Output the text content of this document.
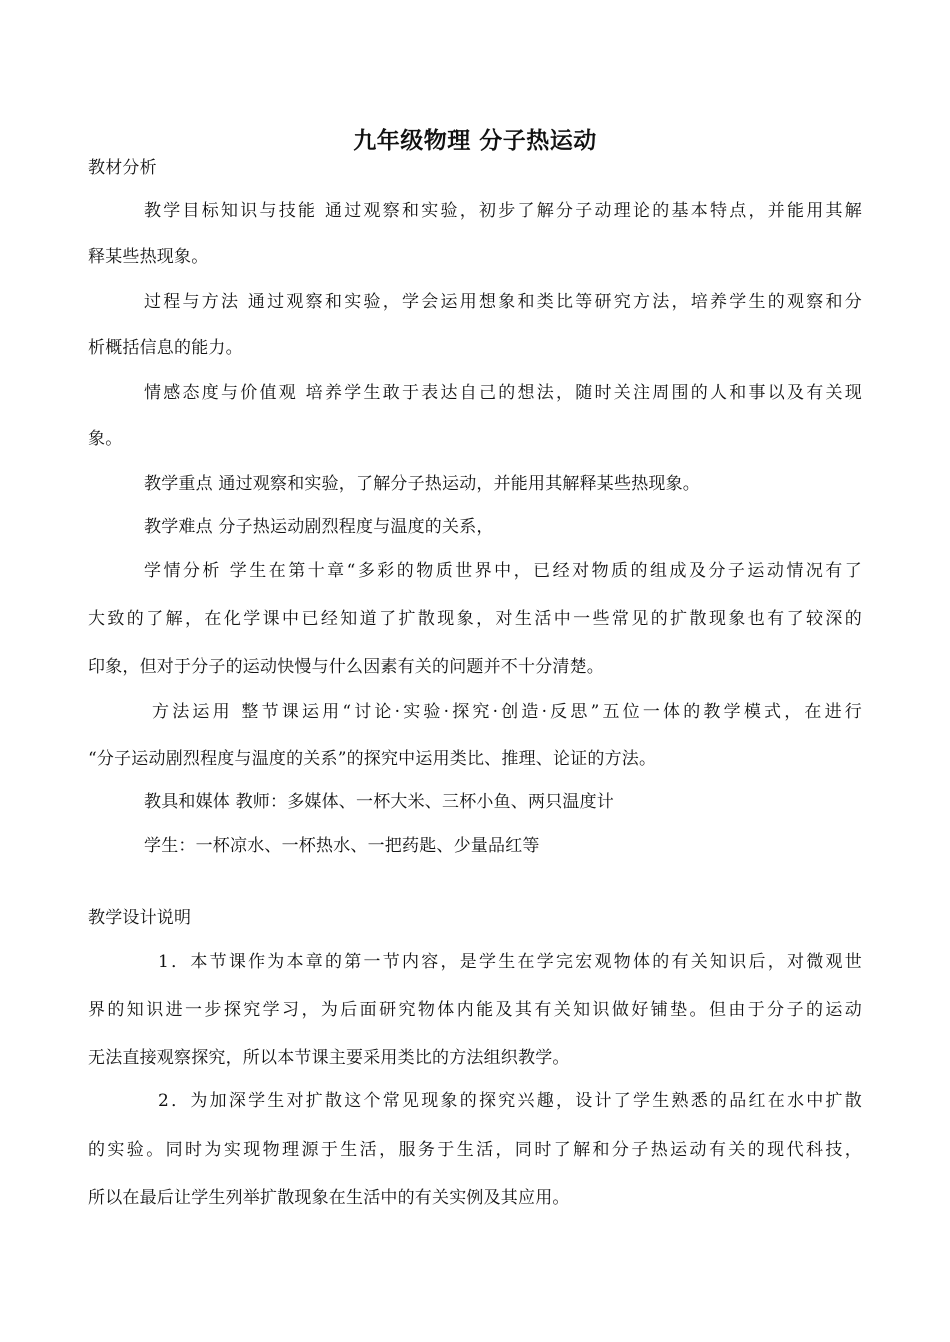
九年级物理 分子热运动
教材分析
教学目标知识与技能 通过观察和实验，初步了解分子动理论的基本特点，并能用其解
释某些热现象。
过程与方法 通过观察和实验，学会运用想象和类比等研究方法，培养学生的观察和分
析概括信息的能力。
情感态度与价值观 培养学生敢于表达自己的想法，随时关注周围的人和事以及有关现
象。
教学重点 通过观察和实验，了解分子热运动，并能用其解释某些热现象。
教学难点 分子热运动剧烈程度与温度的关系，
学情分析 学生在第十章“多彩的物质世界中，已经对物质的组成及分子运动情况有了
大致的了解，在化学课中已经知道了扩散现象，对生活中一些常见的扩散现象也有了较深的
印象，但对于分子的运动快慢与什么因素有关的问题并不十分清楚。
方法运用 整节课运用“讨论·实验·探究·创造·反思”五位一体的教学模式，在进行
“分子运动剧烈程度与温度的关系”的探究中运用类比、推理、论证的方法。
教具和媒体 教师：多媒体、一杯大米、三杯小鱼、两只温度计
学生：一杯凉水、一杯热水、一把药匙、少量品红等
教学设计说明
1．本节课作为本章的第一节内容，是学生在学完宏观物体的有关知识后，对微观世
界的知识进一步探究学习，为后面研究物体内能及其有关知识做好铺垫。但由于分子的运动
无法直接观察探究，所以本节课主要采用类比的方法组织教学。
2．为加深学生对扩散这个常见现象的探究兴趣，设计了学生熟悉的品红在水中扩散
的实验。同时为实现物理源于生活，服务于生活，同时了解和分子热运动有关的现代科技，
所以在最后让学生列举扩散现象在生活中的有关实例及其应用。
